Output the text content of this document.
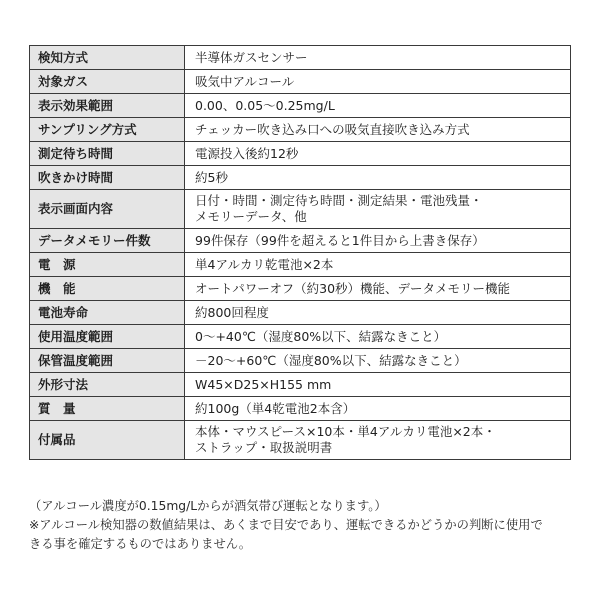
検知方式	半導体ガスセンサー

対象ガス	吸気中アルコール

表示効果範囲	0.00、0.05～0.25mg/L

サンプリング方式	チェッカー吹き込み口への吸気直接吹き込み方式

測定待ち時間	電源投入後約12秒

吹きかけ時間	約5秒

表示画面内容	日付・時間・測定待ち時間・測定結果・電池残量・
メモリーデータ、他

データメモリー件数	99件保存（99件を超えると1件目から上書き保存）

電　源	単4アルカリ乾電池×2本

機　能	オートパワーオフ（約30秒）機能、データメモリー機能

電池寿命	約800回程度

使用温度範囲	0～+40℃（湿度80%以下、結露なきこと）

保管温度範囲	－20～+60℃（湿度80%以下、結露なきこと）

外形寸法	W45×D25×H155 mm

質　量	約100g（単4乾電池2本含）

付属品	本体・マウスピース×10本・単4アルカリ電池×2本・
ストラップ・取扱説明書
（アルコール濃度が0.15mg/Lからが酒気帯び運転となります。）
※アルコール検知器の数値結果は、あくまで目安であり、運転できるかどうかの判断に使用で
きる事を確定するものではありません。
